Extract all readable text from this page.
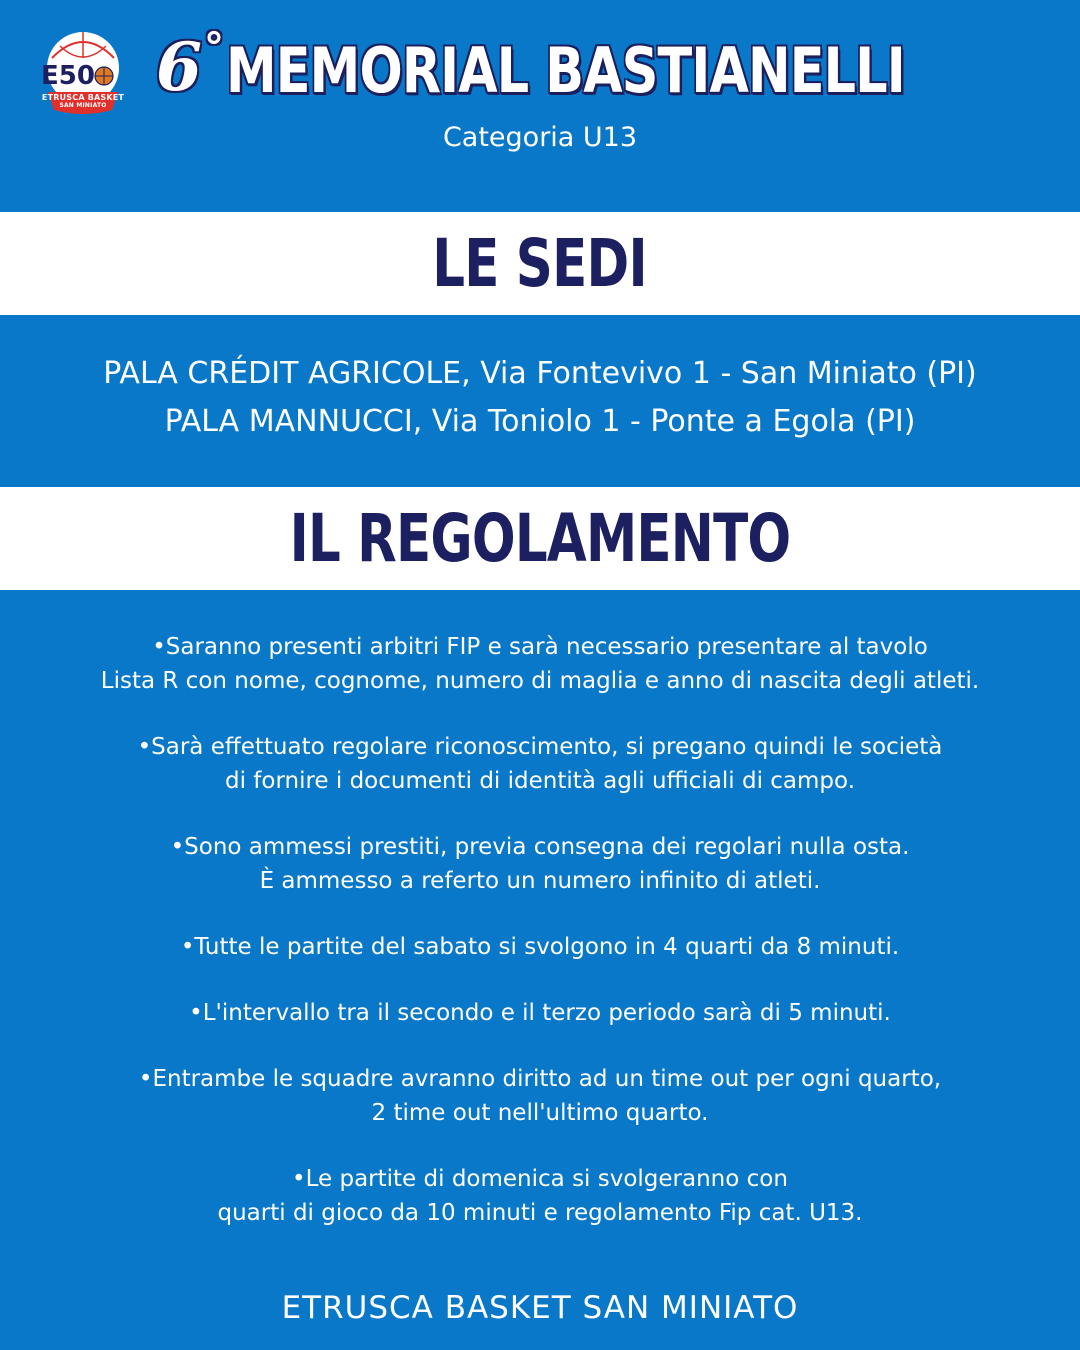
E50
ETRUSCA BASKET
SAN MINIATO 6° MEMORIAL BASTIANELLI
Categoria U13
LE SEDI
PALA CRÉDIT AGRICOLE, Via Fontevivo 1 - San Miniato (PI)
PALA MANNUCCI, Via Toniolo 1 - Ponte a Egola (PI)
IL REGOLAMENTO
•Saranno presenti arbitri FIP e sarà necessario presentare al tavolo
Lista R con nome, cognome, numero di maglia e anno di nascita degli atleti.
•Sarà effettuato regolare riconoscimento, si pregano quindi le società
di fornire i documenti di identità agli ufficiali di campo.
•Sono ammessi prestiti, previa consegna dei regolari nulla osta.
È ammesso a referto un numero infinito di atleti.
•Tutte le partite del sabato si svolgono in 4 quarti da 8 minuti.
•L'intervallo tra il secondo e il terzo periodo sarà di 5 minuti.
•Entrambe le squadre avranno diritto ad un time out per ogni quarto,
2 time out nell'ultimo quarto.
•Le partite di domenica si svolgeranno con
quarti di gioco da 10 minuti e regolamento Fip cat. U13.
ETRUSCA BASKET SAN MINIATO
